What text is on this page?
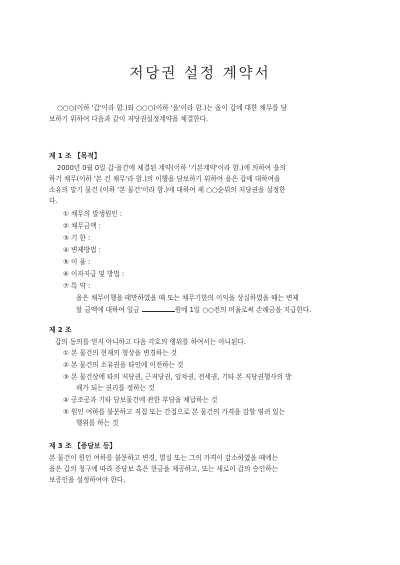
저당권 설정 계약서

○○○(이하 '갑'이라 함.)와 ○○○(이하 '을'이라 함.)는 을이 갑에 대한 채무를 담

보하기 위하여 다음과 같이 저당권설정계약을 체결한다.

제 1 조 【목적】

2000년 0월 0일 갑·을간에 체결된 계약(이하 '기본계약'이라 함.)에 의하여 을의

하기 채무(이하 '본 건 채무'라 함.)의 이행을 담보하기 위하여 을은 갑에 대하여을

소유의 말기 물건 (이하 '본 물건'이라 함.)에 대하여 제 ○○순위의 저당권을 설정한

다.

① 채무의 발생원인 :

② 채무금액 :

③ 기 한 :

④ 변제방법 :

⑤ 이 율 :

⑥ 이자지급 및 방법 :

⑦ 특 약 :

을은 채무이행을 태만하였을 때 또는 채무기한의 이익을 상실하였을 때는 변제

할 금액에 대하여 일금	원에 1일 ○○전의 비율로써 손해금을 지급한다.

제 2 조

갑의 동의를 얻지 아니하고 다음 각호의 행위를 하여서는 아니된다.

① 본 물건의 현재의 형상을 변경하는 것

② 본 물건의 소유권을 타인에 이전하는 것

③ 본 물건상에 타의 저당권, 근저당권, 임차권, 전세권, 기타 본 저당권행사의 방

해가 되는 권리를 정하는 것

④ 공조공과 기타 담보물건에 관한 부담을 체납하는 것

⑤ 원인 여하를 불문하고 직접 또는 간접으로 본 물건의 가격을 감할 염려 있는

행위를 하는 것

제 3 조 【증담보 등】

본 물건이 원인 여하를 불문하고 변경, 멸실 또는 그의 가격이 감소하였을 때에는

을은 갑의 청구에 따라 증담보 혹은 현금을 제공하고, 또는 새로이 갑의 승인하는

보증인을 설정하여야 한다.
